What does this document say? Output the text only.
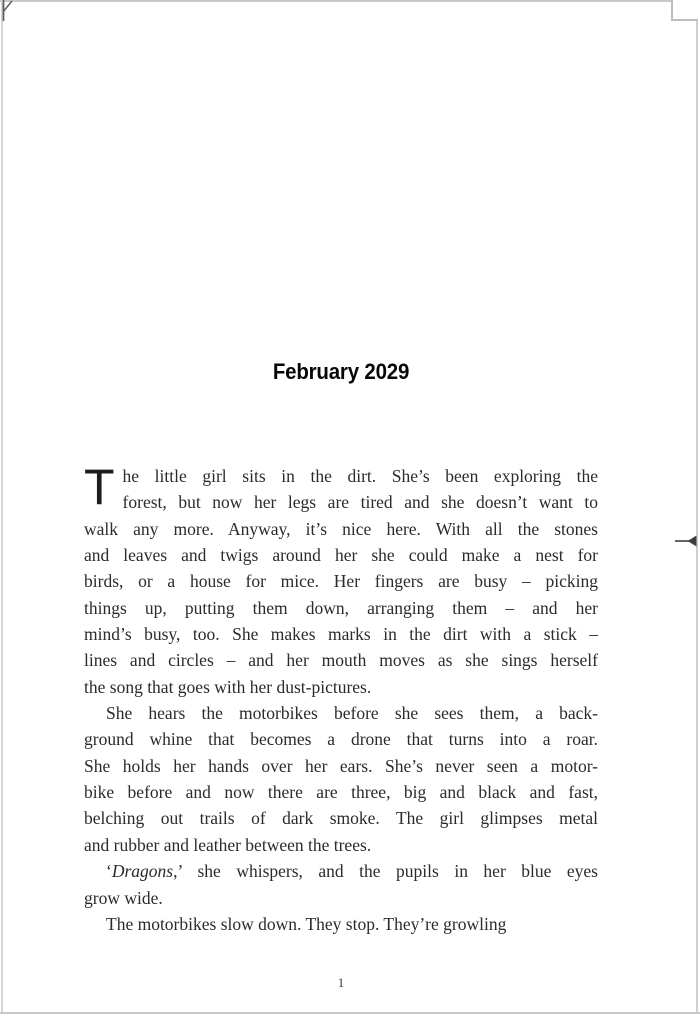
February 2029
T he little girl sits in the dirt. She’s been exploring the
forest, but now her legs are tired and she doesn’t want to
walk any more. Anyway, it’s nice here. With all the stones
and leaves and twigs around her she could make a nest for
birds, or a house for mice. Her fingers are busy – picking
things up, putting them down, arranging them – and her
mind’s busy, too. She makes marks in the dirt with a stick –
lines and circles – and her mouth moves as she sings herself
the song that goes with her dust-pictures.
She hears the motorbikes before she sees them, a back-
ground whine that becomes a drone that turns into a roar.
She holds her hands over her ears. She’s never seen a motor-
bike before and now there are three, big and black and fast,
belching out trails of dark smoke. The girl glimpses metal
and rubber and leather between the trees.
‘Dragons,’ she whispers, and the pupils in her blue eyes
grow wide.
The motorbikes slow down. They stop. They’re growling
1
